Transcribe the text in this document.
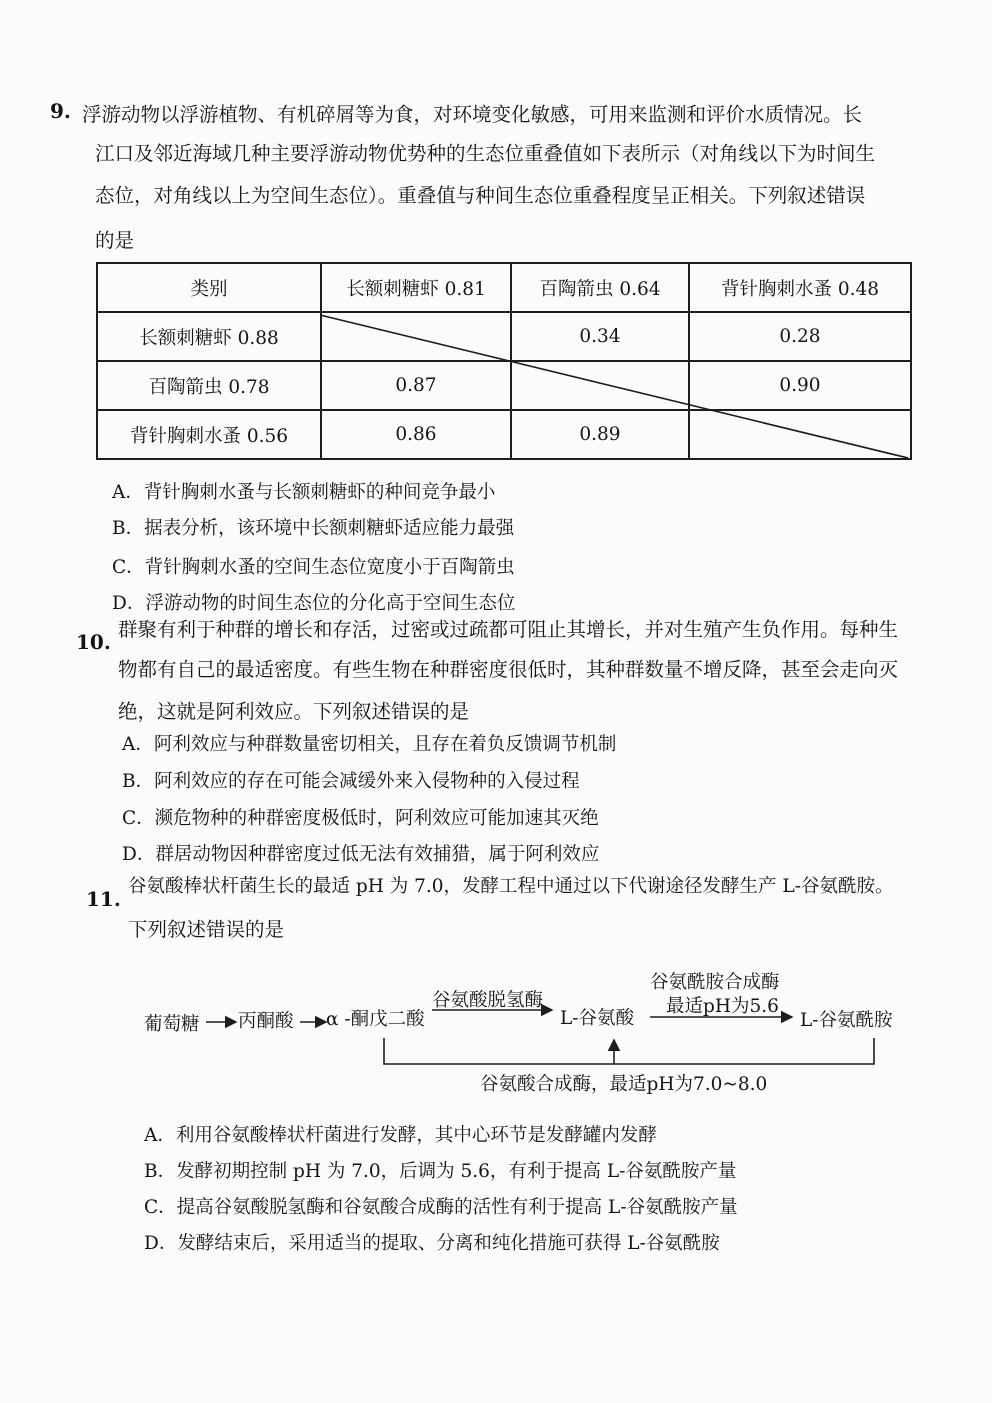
9. 浮游动物以浮游植物、有机碎屑等为食，对环境变化敏感，可用来监测和评价水质情况。长
江口及邻近海域几种主要浮游动物优势种的生态位重叠值如下表所示（对角线以下为时间生
态位，对角线以上为空间生态位）。重叠值与种间生态位重叠程度呈正相关。下列叙述错误
的是
类别	长额刺糖虾 0.81	百陶箭虫 0.64	背针胸刺水蚤 0.48
长额刺糖虾 0.88		0.34	0.28
百陶箭虫 0.78	0.87		0.90
背针胸刺水蚤 0.56	0.86	0.89	
A．背针胸刺水蚤与长额刺糖虾的种间竞争最小
B．据表分析，该环境中长额刺糖虾适应能力最强
C．背针胸刺水蚤的空间生态位宽度小于百陶箭虫
D．浮游动物的时间生态位的分化高于空间生态位
10.
群聚有利于种群的增长和存活，过密或过疏都可阻止其增长，并对生殖产生负作用。每种生
物都有自己的最适密度。有些生物在种群密度很低时，其种群数量不增反降，甚至会走向灭
绝，这就是阿利效应。下列叙述错误的是
A．阿利效应与种群数量密切相关，且存在着负反馈调节机制
B．阿利效应的存在可能会减缓外来入侵物种的入侵过程
C．濒危物种的种群密度极低时，阿利效应可能加速其灭绝
D．群居动物因种群密度过低无法有效捕猎，属于阿利效应
11.
谷氨酸棒状杆菌生长的最适 pH 为 7.0，发酵工程中通过以下代谢途径发酵生产 L-谷氨酰胺。
下列叙述错误的是
葡萄糖 丙酮酸 α -酮戊二酸
谷氨酸脱氢酶
L-谷氨酸
谷氨酰胺合成酶
最适pH为5.6
L-谷氨酰胺
谷氨酸合成酶，最适pH为7.0~8.0
A．利用谷氨酸棒状杆菌进行发酵，其中心环节是发酵罐内发酵
B．发酵初期控制 pH 为 7.0，后调为 5.6，有利于提高 L-谷氨酰胺产量
C．提高谷氨酸脱氢酶和谷氨酸合成酶的活性有利于提高 L-谷氨酰胺产量
D．发酵结束后，采用适当的提取、分离和纯化措施可获得 L-谷氨酰胺
